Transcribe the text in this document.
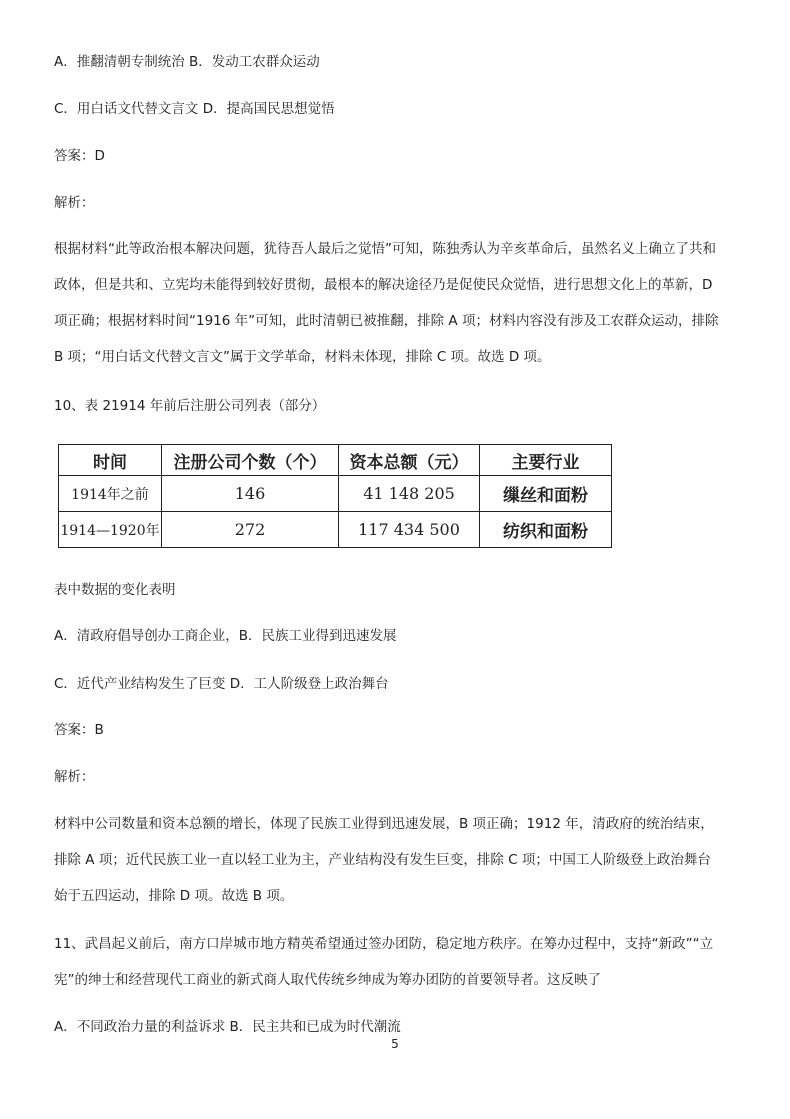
A．推翻清朝专制统治 B．发动工农群众运动
C．用白话文代替文言文 D．提高国民思想觉悟
答案：D
解析：
根据材料“此等政治根本解决问题，犹待吾人最后之觉悟”可知，陈独秀认为辛亥革命后，虽然名义上确立了共和
政体，但是共和、立宪均未能得到较好贯彻，最根本的解决途径乃是促使民众觉悟，进行思想文化上的革新，D
项正确；根据材料时间“1916 年”可知，此时清朝已被推翻，排除 A 项；材料内容没有涉及工农群众运动，排除
B 项；“用白话文代替文言文”属于文学革命，材料未体现，排除 C 项。故选 D 项。
10、表 21914 年前后注册公司列表（部分）
时间	注册公司个数（个）	资本总额（元）	主要行业
1914年之前	146	41 148 205	缫丝和面粉
1914—1920年	272	117 434 500	纺织和面粉
表中数据的变化表明
A．清政府倡导创办工商企业，B．民族工业得到迅速发展
C．近代产业结构发生了巨变 D．工人阶级登上政治舞台
答案：B
解析：
材料中公司数量和资本总额的增长，体现了民族工业得到迅速发展，B 项正确；1912 年，清政府的统治结束，
排除 A 项；近代民族工业一直以轻工业为主，产业结构没有发生巨变，排除 C 项；中国工人阶级登上政治舞台
始于五四运动，排除 D 项。故选 B 项。
11、武昌起义前后，南方口岸城市地方精英希望通过签办团防，稳定地方秩序。在筹办过程中，支持“新政”“立
宪”的绅士和经营现代工商业的新式商人取代传统乡绅成为筹办团防的首要领导者。这反映了
A．不同政治力量的利益诉求 B．民主共和已成为时代潮流
5
